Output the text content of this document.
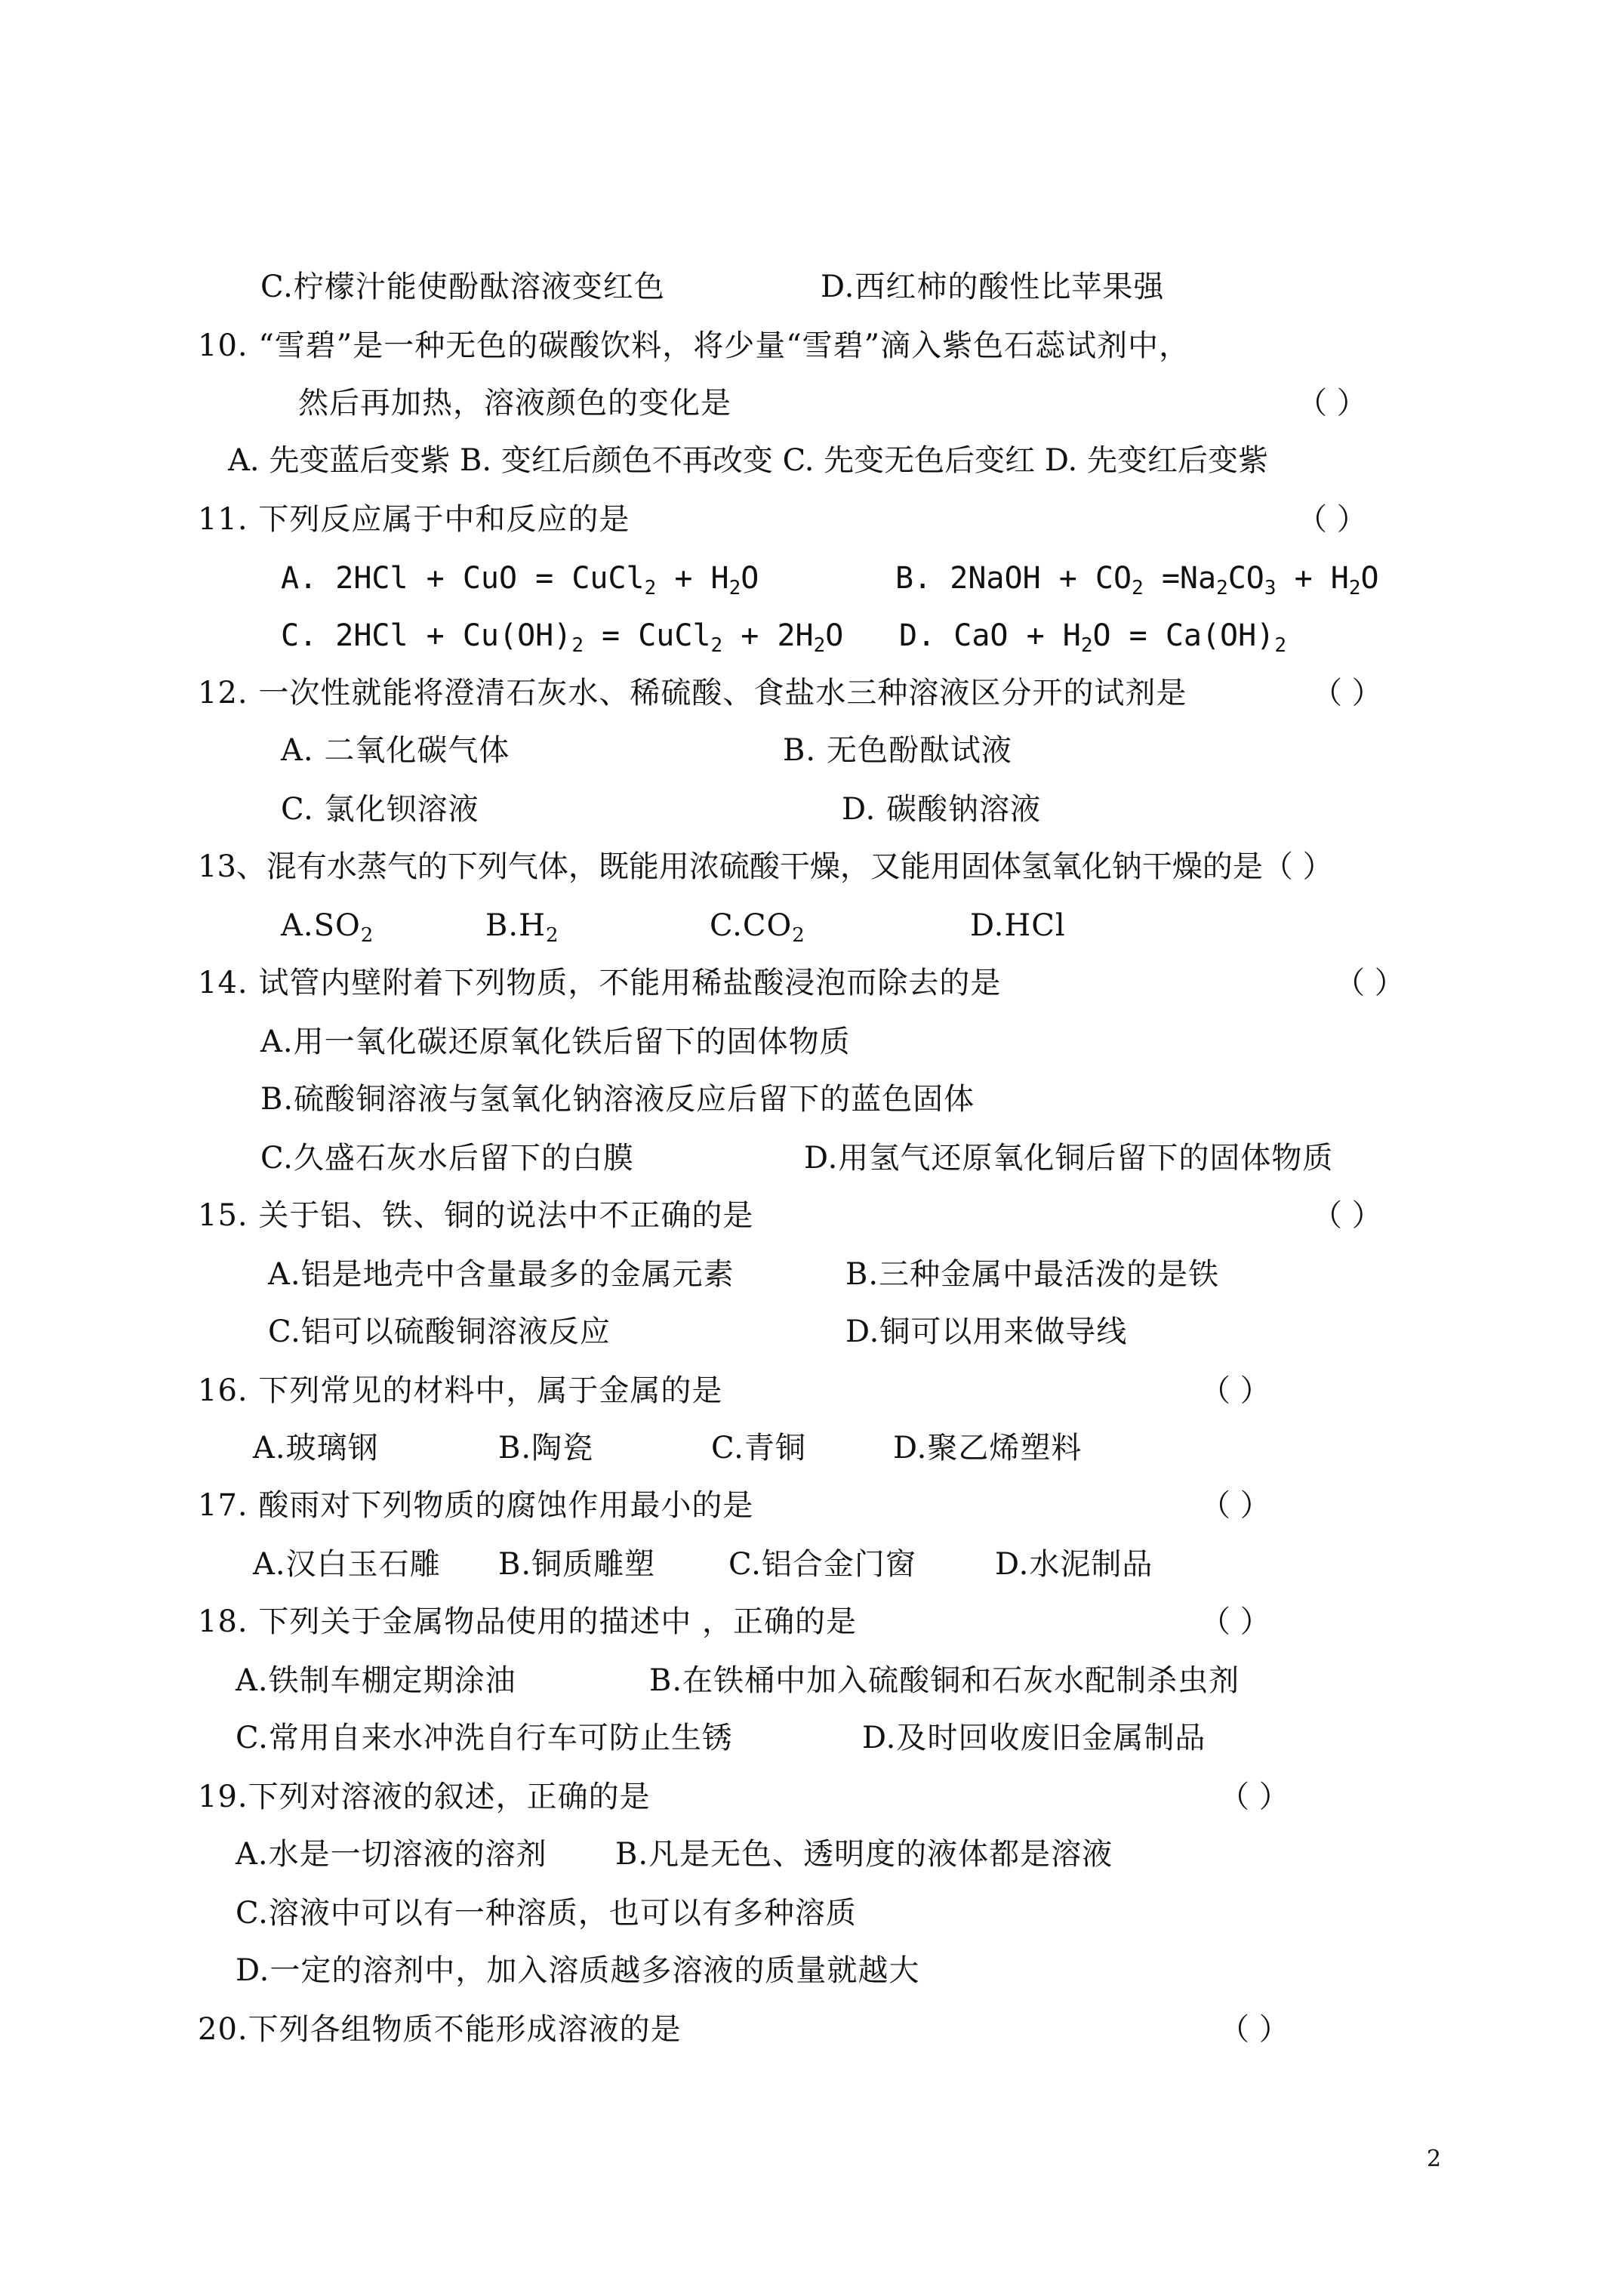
C.柠檬汁能使酚酞溶液变红色	D.西红柿的酸性比苹果强
10. “雪碧”是一种无色的碳酸饮料，将少量“雪碧”滴入紫色石蕊试剂中，
然后再加热，溶液颜色的变化是	（ ）
A. 先变蓝后变紫 B. 变红后颜色不再改变 C. 先变无色后变红 D. 先变红后变紫
11. 下列反应属于中和反应的是	（ ）
A. 2HCl + CuO = CuCl$_2$ + $H_2O$	B. 2NaOH + $CO_2 =Na_2CO_3 + H_2O$
C. $2HCl + Cu(OH)_2$ = CuCl$_2$ + $2H_2O$ D. CaO + $H_2O = Ca(OH)_2$
12. 一次性就能将澄清石灰水、稀硫酸、食盐水三种溶液区分开的试剂是	（ ）
A. 二氧化碳气体	B. 无色酚酞试液
C. 氯化钡溶液	D. 碳酸钠溶液
13、混有水蒸气的下列气体，既能用浓硫酸干燥，又能用固体氢氧化钠干燥的是（ ）
$A.SO_2$	$B.H_2$	$C.CO_2$	D.HCl
14. 试管内壁附着下列物质，不能用稀盐酸浸泡而除去的是	（ ）
A.用一氧化碳还原氧化铁后留下的固体物质
B.硫酸铜溶液与氢氧化钠溶液反应后留下的蓝色固体
C.久盛石灰水后留下的白膜	D.用氢气还原氧化铜后留下的固体物质
15. 关于铝、铁、铜的说法中不正确的是	（ ）
A.铝是地壳中含量最多的金属元素	B.三种金属中最活泼的是铁
C.铝可以硫酸铜溶液反应	D.铜可以用来做导线
16. 下列常见的材料中，属于金属的是	（ ）
A.玻璃钢	B.陶瓷	C.青铜	D.聚乙烯塑料
17. 酸雨对下列物质的腐蚀作用最小的是	（ ）
A.汉白玉石雕 B.铜质雕塑 C.铝合金门窗	D.水泥制品
18. 下列关于金属物品使用的描述中 ，正确的是	（ ）
A.铁制车棚定期涂油	B.在铁桶中加入硫酸铜和石灰水配制杀虫剂
C.常用自来水冲洗自行车可防止生锈	D.及时回收废旧金属制品
19.下列对溶液的叙述，正确的是	（ ）
A.水是一切溶液的溶剂 B.凡是无色、透明度的液体都是溶液
C.溶液中可以有一种溶质，也可以有多种溶质
D.一定的溶剂中，加入溶质越多溶液的质量就越大
20.下列各组物质不能形成溶液的是	（ ）
2
